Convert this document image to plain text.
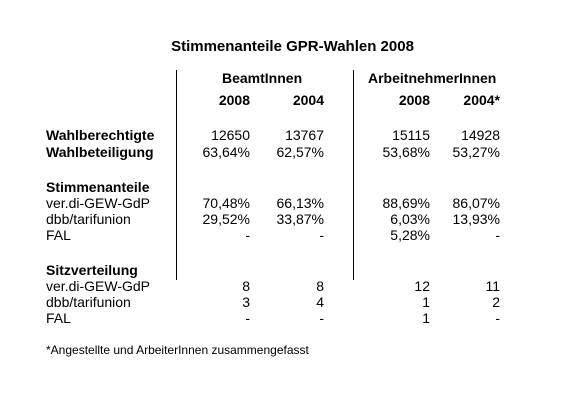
Stimmenanteile GPR-Wahlen 2008
BeamtInnen	ArbeitnehmerInnen
2008	2004	2008	2004*
Wahlberechtigte	12650	13767	15115	14928
Wahlbeteiligung	63,64%	62,57%	53,68%	53,27%
Stimmenanteile
ver.di-GEW-GdP	70,48%	66,13%	88,69%	86,07%
dbb/tarifunion	29,52%	33,87%	6,03%	13,93%
FAL	-	-	5,28%	-
Sitzverteilung
ver.di-GEW-GdP	8	8	12	11
dbb/tarifunion	3	4	1	2
FAL	-	-	1	-
*Angestellte und ArbeiterInnen zusammengefasst
